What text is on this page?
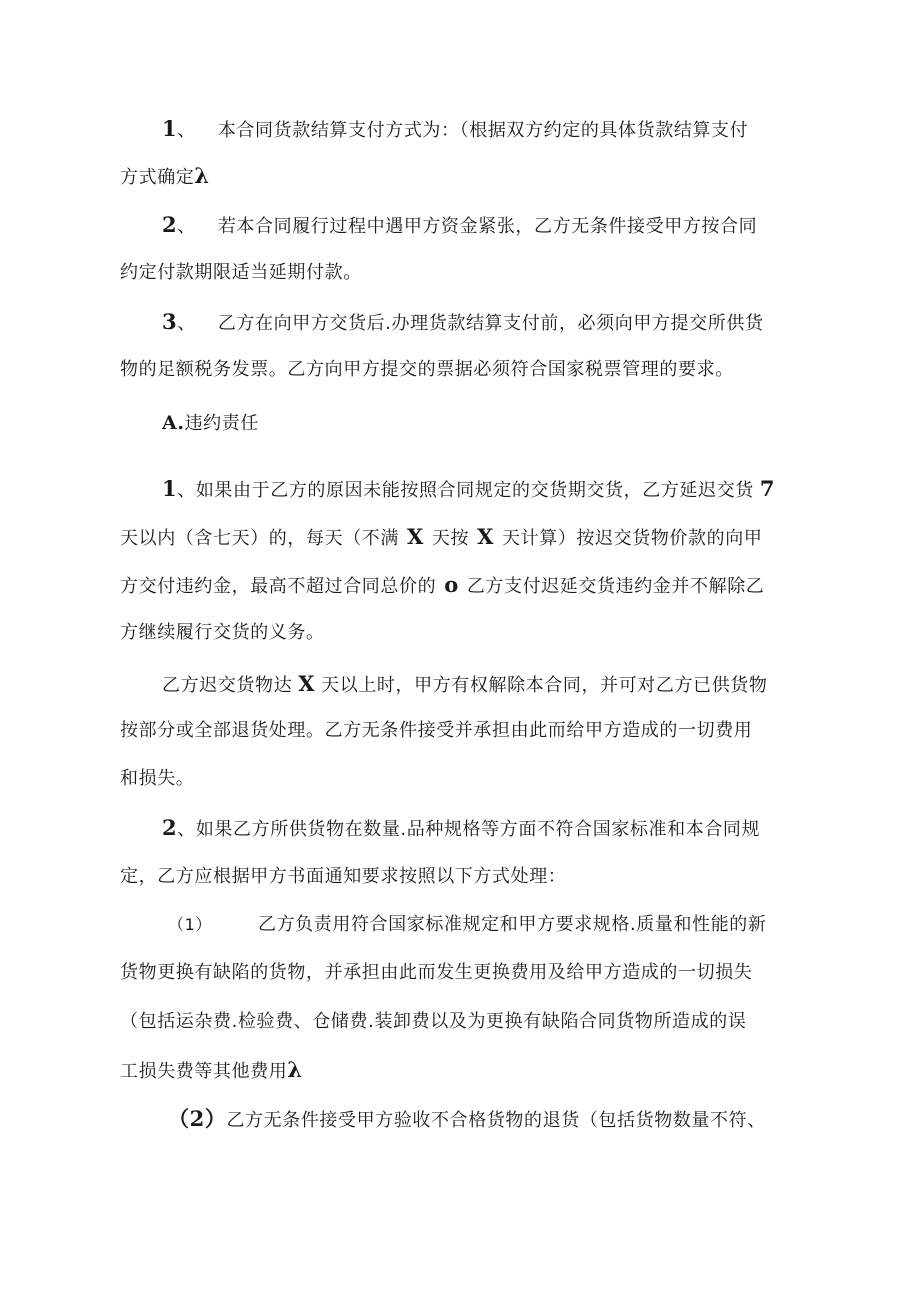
1、 本合同货款结算支付方式为：（根据双方约定的具体货款结算支付
方式确定λ
2、 若本合同履行过程中遇甲方资金紧张，乙方无条件接受甲方按合同
约定付款期限适当延期付款。
3、 乙方在向甲方交货后.办理货款结算支付前，必须向甲方提交所供货
物的足额税务发票。乙方向甲方提交的票据必须符合国家税票管理的要求。
A.违约责任
1、如果由于乙方的原因未能按照合同规定的交货期交货，乙方延迟交货 7
天以内（含七天）的，每天（不满 X 天按 X 天计算）按迟交货物价款的向甲
方交付违约金，最高不超过合同总价的 o 乙方支付迟延交货违约金并不解除乙
方继续履行交货的义务。
乙方迟交货物达 X 天以上时，甲方有权解除本合同，并可对乙方已供货物
按部分或全部退货处理。乙方无条件接受并承担由此而给甲方造成的一切费用
和损失。
2、如果乙方所供货物在数量.品种规格等方面不符合国家标准和本合同规
定，乙方应根据甲方书面通知要求按照以下方式处理：
（1）	乙方负责用符合国家标准规定和甲方要求规格.质量和性能的新
货物更换有缺陷的货物，并承担由此而发生更换费用及给甲方造成的一切损失
（包括运杂费.检验费、仓储费.装卸费以及为更换有缺陷合同货物所造成的误
工损失费等其他费用λ
（2）乙方无条件接受甲方验收不合格货物的退货（包括货物数量不符、
